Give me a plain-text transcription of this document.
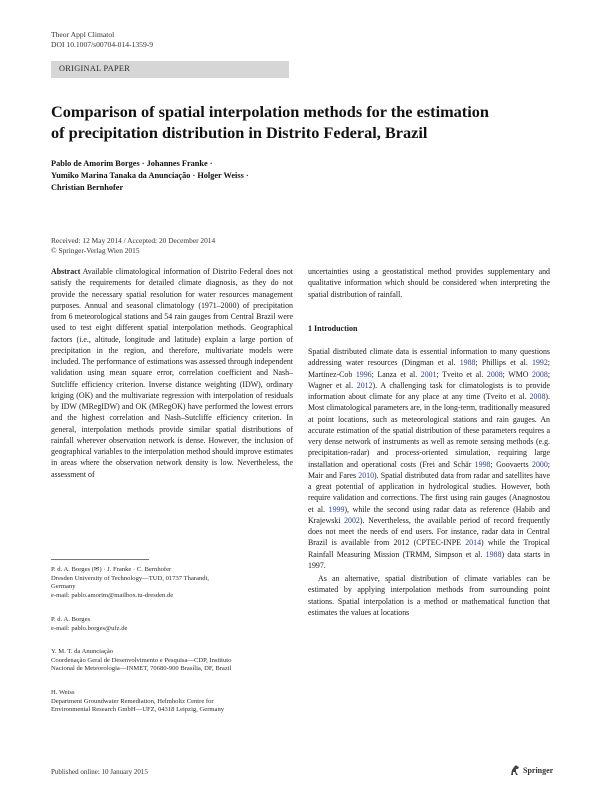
Theor Appl Climatol
DOI 10.1007/s00704-014-1359-9
ORIGINAL PAPER
Comparison of spatial interpolation methods for the estimation
of precipitation distribution in Distrito Federal, Brazil
Pablo de Amorim Borges · Johannes Franke ·
Yumiko Marina Tanaka da Anunciação · Holger Weiss ·
Christian Bernhofer
Received: 12 May 2014 / Accepted: 20 December 2014
© Springer-Verlag Wien 2015

Abstract Available climatological information of Distrito Federal does not satisfy the requirements for detailed climate diagnosis, as they do not provide the necessary spatial resolution for water resources management purposes. Annual and seasonal climatology (1971–2000) of precipitation from 6 meteorological stations and 54 rain gauges from Central Brazil were used to test eight different spatial interpolation methods. Geographical factors (i.e., altitude, longitude and latitude) explain a large portion of precipitation in the region, and therefore, multivariate models were included. The performance of estimations was assessed through independent validation using mean square error, correlation coefficient and Nash–Sutcliffe efficiency criterion. Inverse distance weighting (IDW), ordinary kriging (OK) and the multivariate regression with interpolation of residuals by IDW (MRegIDW) and OK (MRegOK) have performed the lowest errors and the highest correlation and Nash–Sutcliffe efficiency criterion. In general, interpolation methods provide similar spatial distributions of rainfall wherever observation network is dense. However, the inclusion of geographical variables to the interpolation method should improve estimates in areas where the observation network density is low. Nevertheless, the assessment of

P. d. A. Borges (✉) · J. Franke · C. Bernhofer
Dresden University of Technology—TUD, 01737 Tharandt,
Germany
e-mail: pablo.amorim@mailbox.tu-dresden.de
P. d. A. Borges
e-mail: pablo.borges@ufz.de
Y. M. T. da Anunciação
Coordenação Geral de Desenvolvimento e Pesquisa—CDP, Instituto
Nacional de Meteorologia—INMET, 70680-900 Brasília, DF, Brazil
H. Weiss
Department Groundwater Remediation, Helmholtz Centre for
Environmental Research GmbH—UFZ, 04318 Leipzig, Germany

uncertainties using a geostatistical method provides supplementary and qualitative information which should be considered when interpreting the spatial distribution of rainfall.

1 Introduction

Spatial distributed climate data is essential information to many questions addressing water resources (Dingman et al. 1988; Phillips et al. 1992; Martinez-Cob 1996; Lanza et al. 2001; Tveito et al. 2008; WMO 2008; Wagner et al. 2012). A challenging task for climatologists is to provide information about climate for any place at any time (Tveito et al. 2008). Most climatological parameters are, in the long-term, traditionally measured at point locations, such as meteorological stations and rain gauges. An accurate estimation of the spatial distribution of these parameters requires a very dense network of instruments as well as remote sensing methods (e.g. precipitation-radar) and process-oriented simulation, requiring large installation and operational costs (Frei and Schär 1998; Goovaerts 2000; Mair and Fares 2010). Spatial distributed data from radar and satellites have a great potential of application in hydrological studies. However, both require validation and corrections. The first using rain gauges (Anagnostou et al. 1999), while the second using radar data as reference (Habib and Krajewski 2002). Nevertheless, the available period of record frequently does not meet the needs of end users. For instance, radar data in Central Brazil is available from 2012 (CPTEC-INPE 2014) while the Tropical Rainfall Measuring Mission (TRMM, Simpson et al. 1988) data starts in 1997.

As an alternative, spatial distribution of climate variables can be estimated by applying interpolation methods from surrounding point stations. Spatial interpolation is a method or mathematical function that estimates the values at locations

Published online: 10 January 2015	Springer
